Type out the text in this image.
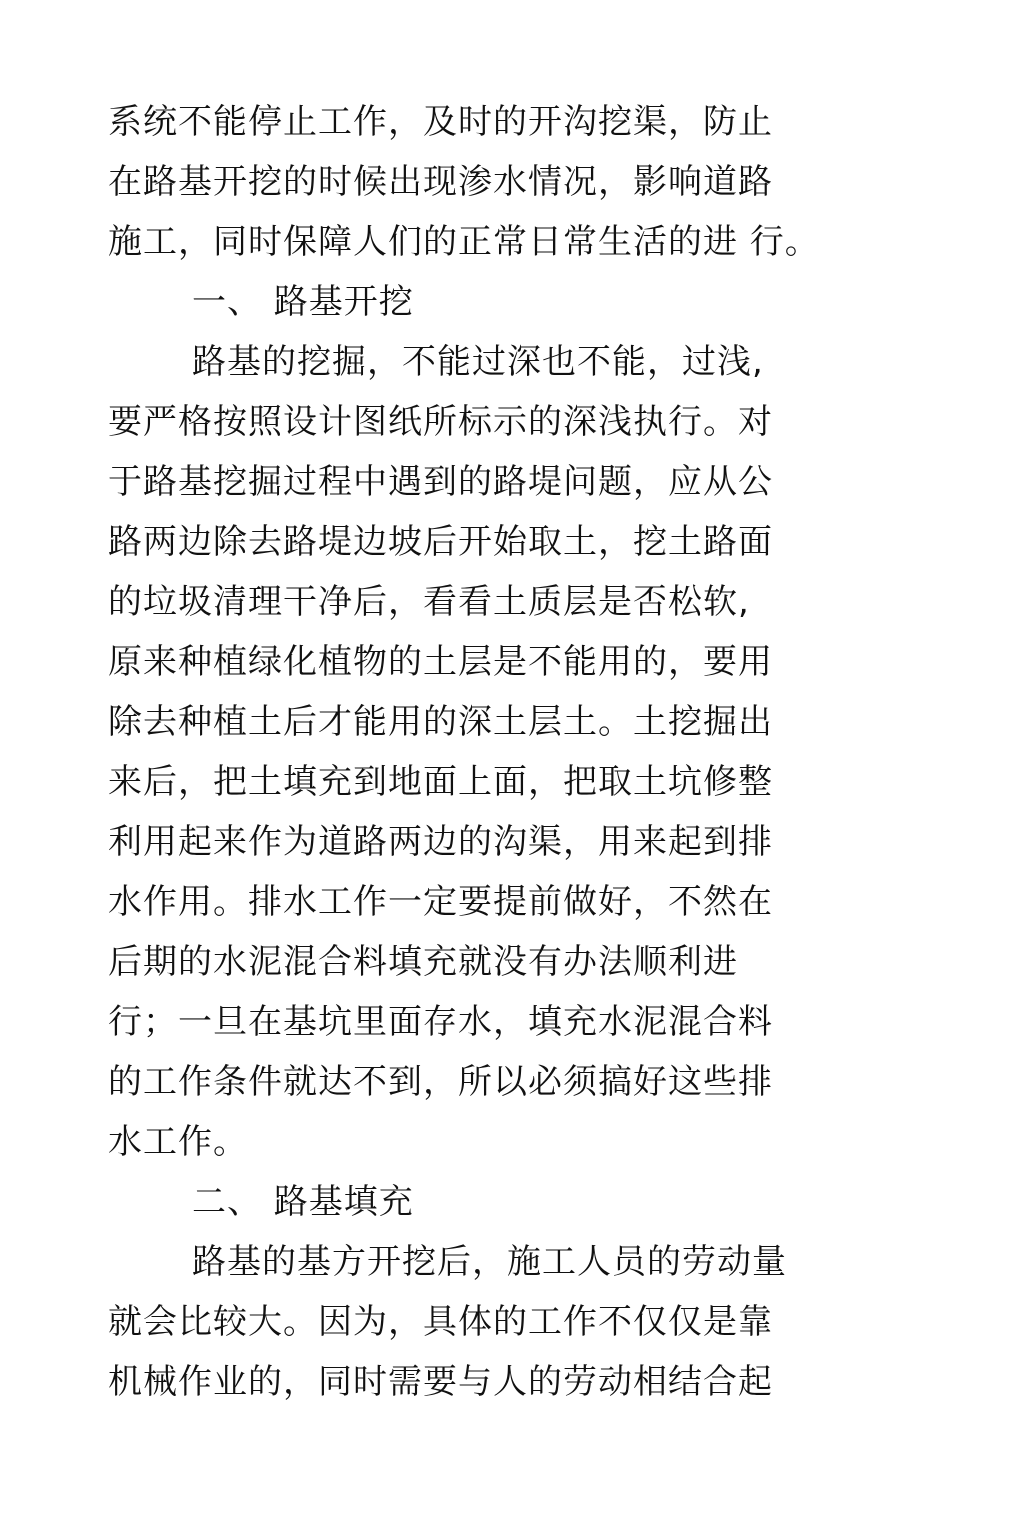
系统不能停止工作，及时的开沟挖渠，防止
在路基开挖的时候出现渗水情况，影响道路
施工，同时保障人们的正常日常生活的进 行。
一、 路基开挖
路基的挖掘，不能过深也不能，过浅,
要严格按照设计图纸所标示的深浅执行。对
于路基挖掘过程中遇到的路堤问题，应从公
路两边除去路堤边坡后开始取土，挖土路面
的垃圾清理干净后，看看土质层是否松软,
原来种植绿化植物的土层是不能用的，要用
除去种植土后才能用的深土层土。土挖掘出
来后，把土填充到地面上面，把取土坑修整
利用起来作为道路两边的沟渠，用来起到排
水作用。排水工作一定要提前做好，不然在
后期的水泥混合料填充就没有办法顺利进
行；一旦在基坑里面存水，填充水泥混合料
的工作条件就达不到，所以必须搞好这些排
水工作。
二、 路基填充
路基的基方开挖后，施工人员的劳动量
就会比较大。因为，具体的工作不仅仅是靠
机械作业的，同时需要与人的劳动相结合起
